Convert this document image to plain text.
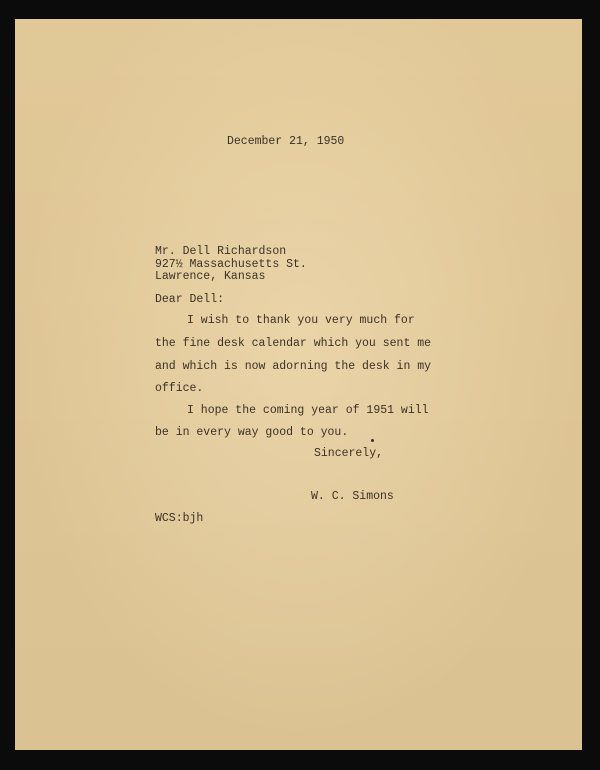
December 21, 1950

Mr. Dell Richardson

927½ Massachusetts St.

Lawrence, Kansas

Dear Dell:

I wish to thank you very much for

the fine desk calendar which you sent me

and which is now adorning the desk in my

office.

I hope the coming year of 1951 will

be in every way good to you.

Sincerely,

W. C. Simons

WCS:bjh
